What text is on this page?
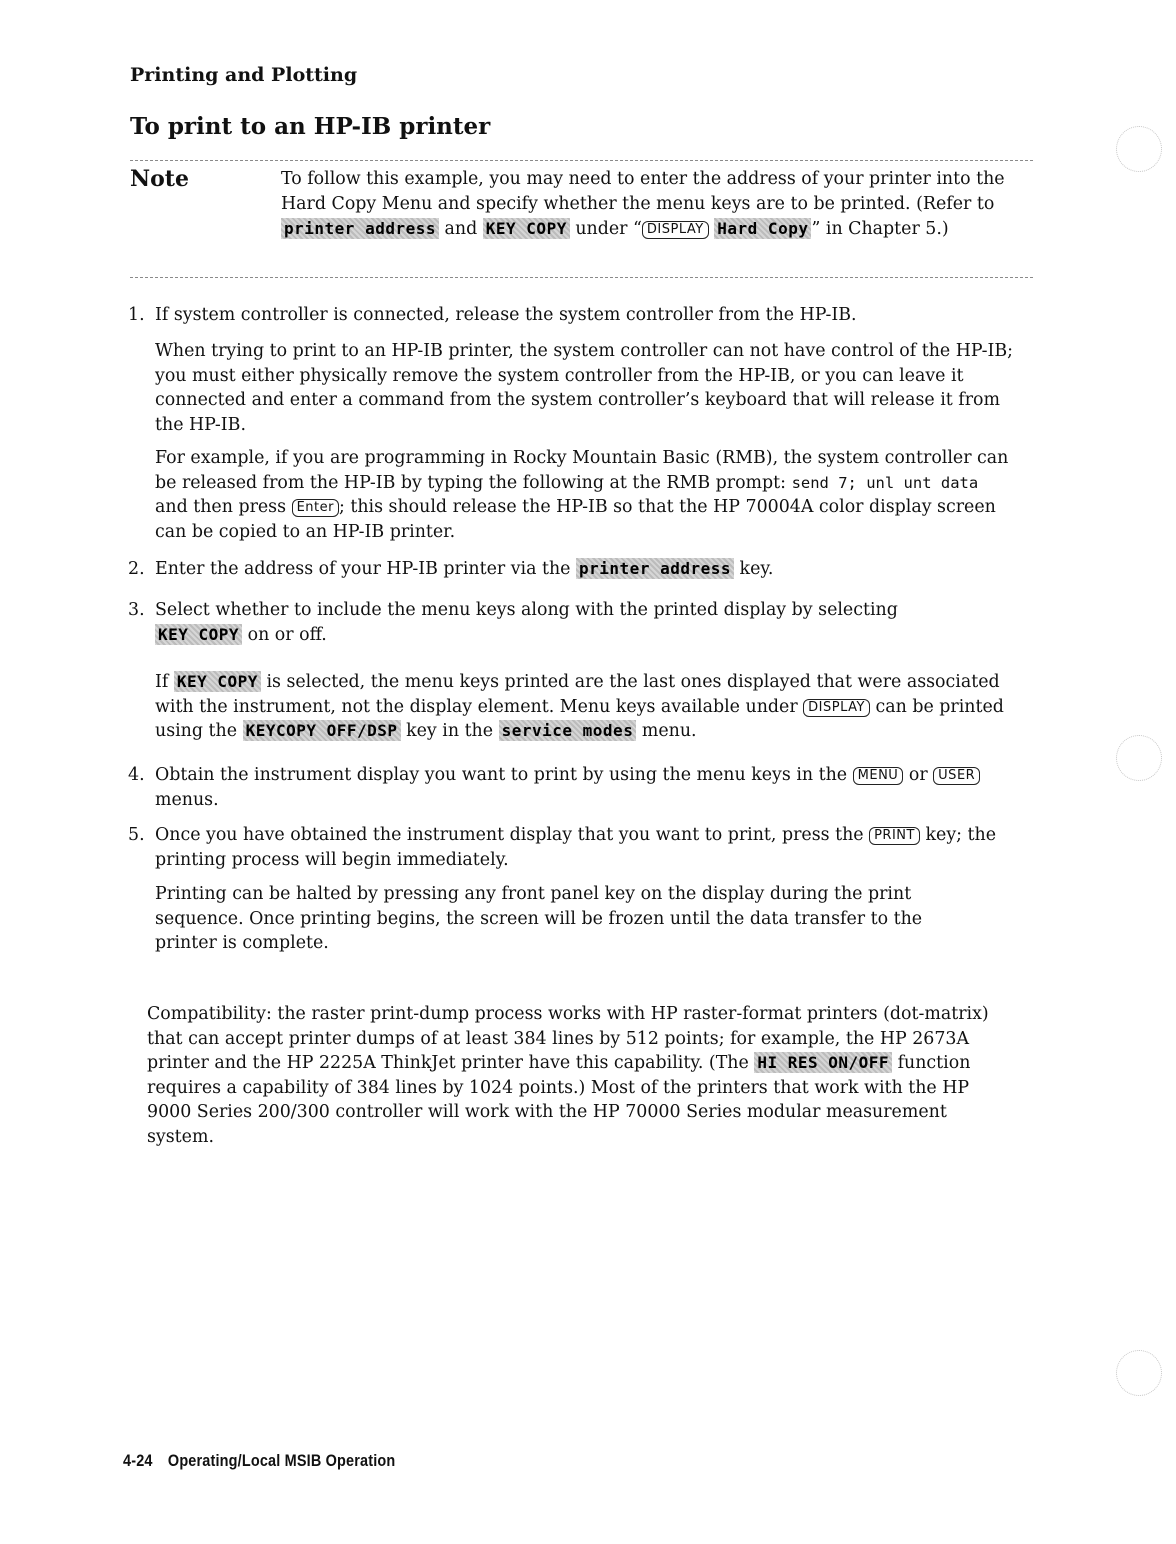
Printing and Plotting
To print to an HP-IB printer
Note	To follow this example, you may need to enter the address of your printer into the Hard Copy Menu and specify whether the menu keys are to be printed. (Refer to printer address and KEY COPY under “ DISPLAY Hard Copy ” in Chapter 5.)
1. If system controller is connected, release the system controller from the HP-IB.
When trying to print to an HP-IB printer, the system controller can not have control of the HP-IB; you must either physically remove the system controller from the HP-IB, or you can leave it connected and enter a command from the system controller’s keyboard that will release it from the HP-IB.
For example, if you are programming in Rocky Mountain Basic (RMB), the system controller can be released from the HP-IB by typing the following at the RMB prompt: send 7; unl unt data and then press Enter ; this should release the HP-IB so that the HP 70004A color display screen can be copied to an HP-IB printer.
2. Enter the address of your HP-IB printer via the printer address key.
3. Select whether to include the menu keys along with the printed display by selecting KEY COPY on or off.
If KEY COPY is selected, the menu keys printed are the last ones displayed that were associated with the instrument, not the display element. Menu keys available under DISPLAY can be printed using the KEYCOPY OFF/DSP key in the service modes menu.
4. Obtain the instrument display you want to print by using the menu keys in the MENU or USER menus.
5. Once you have obtained the instrument display that you want to print, press the PRINT key; the printing process will begin immediately.
Printing can be halted by pressing any front panel key on the display during the print sequence. Once printing begins, the screen will be frozen until the data transfer to the printer is complete.
Compatibility: the raster print-dump process works with HP raster-format printers (dot-matrix) that can accept printer dumps of at least 384 lines by 512 points; for example, the HP 2673A printer and the HP 2225A ThinkJet printer have this capability. (The HI RES ON/OFF function requires a capability of 384 lines by 1024 points.) Most of the printers that work with the HP 9000 Series 200/300 controller will work with the HP 70000 Series modular measurement system.
4-24 Operating/Local MSIB Operation
